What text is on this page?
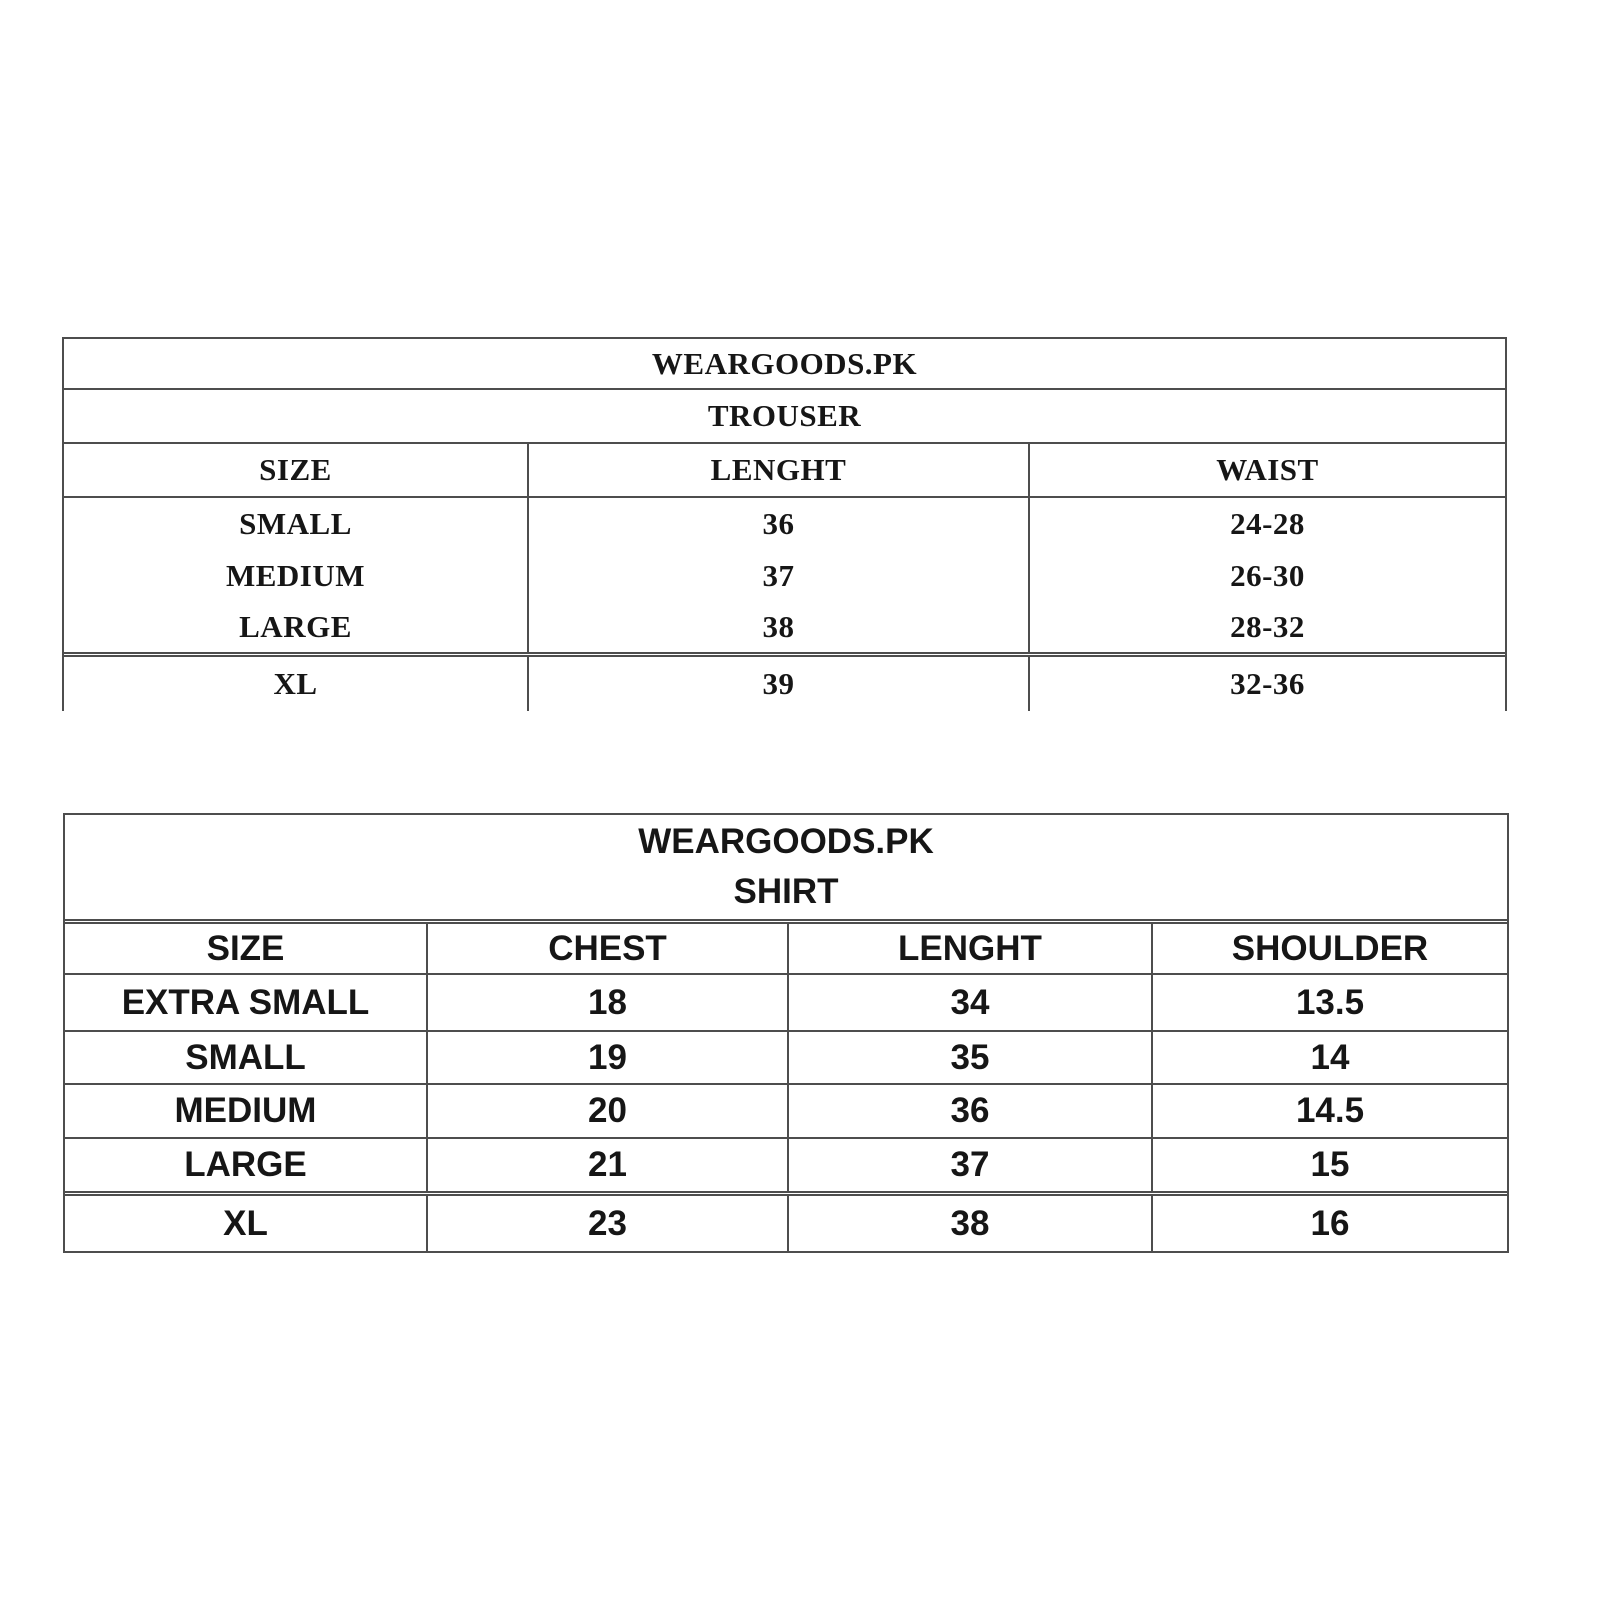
WEARGOODS.PK
TROUSER
SIZE	LENGHT	WAIST
SMALL	36	24-28
MEDIUM	37	26-30
LARGE	38	28-32
XL	39	32-36
WEARGOODS.PK
SHIRT
SIZE	CHEST	LENGHT	SHOULDER
EXTRA SMALL	18	34	13.5
SMALL	19	35	14
MEDIUM	20	36	14.5
LARGE	21	37	15
XL	23	38	16
